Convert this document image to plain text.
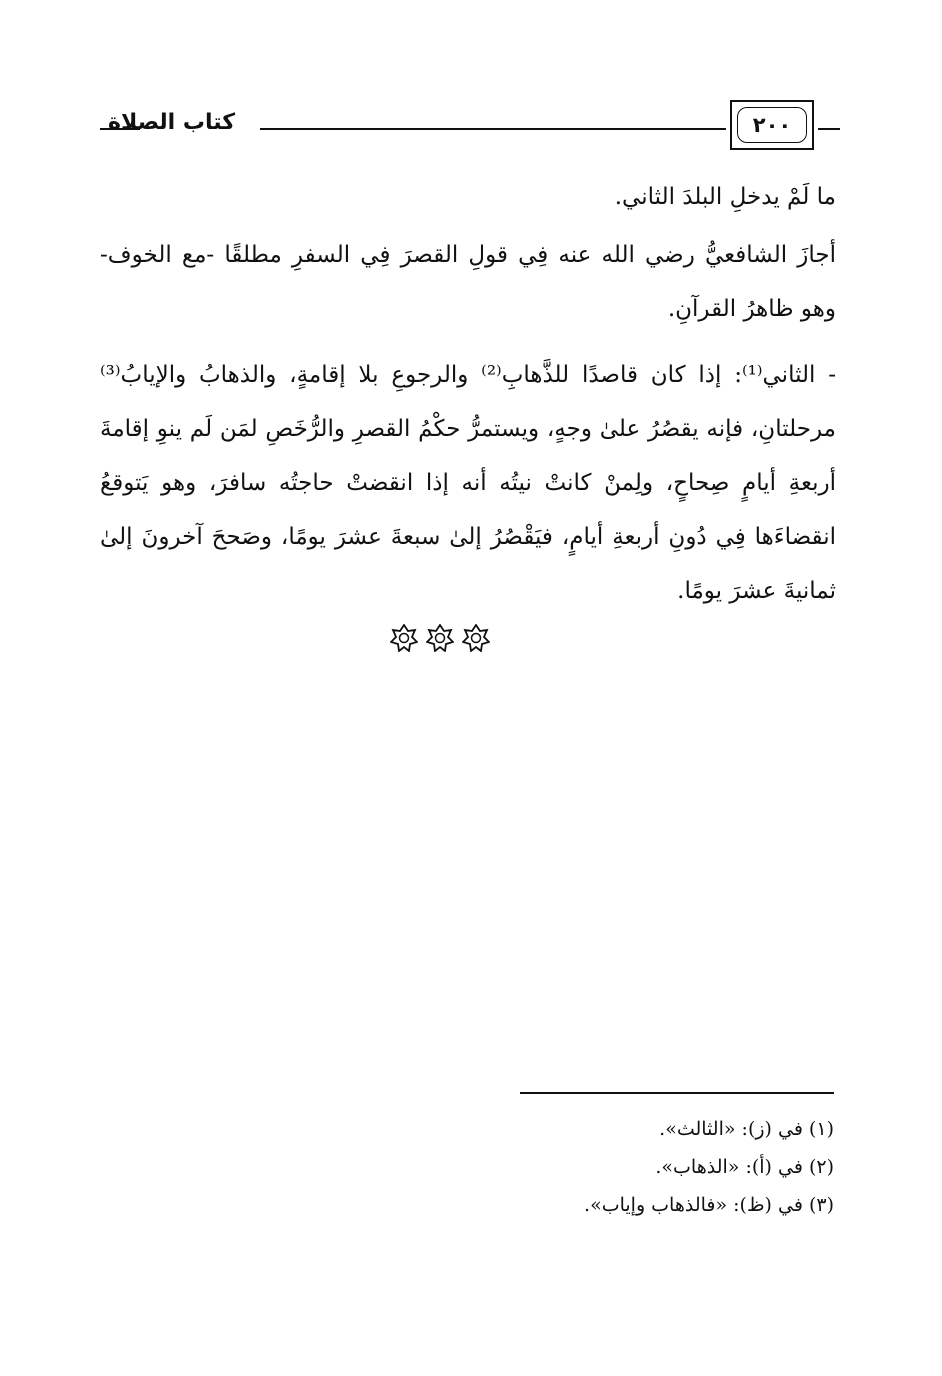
كتاب الصلاة	٢٠٠

ما لَمْ يدخلِ البلدَ الثاني.

أجازَ الشافعيُّ رضي الله عنه فِي قولِ القصرَ فِي السفرِ مطلقًا -مع الخوف- وهو ظاهرُ القرآنِ.

- الثاني⁽¹⁾: إذا كان قاصدًا للذَّهابِ⁽²⁾ والرجوعِ بلا إقامةٍ، والذهابُ والإيابُ⁽³⁾ مرحلتانِ، فإنه يقصُرُ علىٰ وجهٍ، ويستمرُّ حكْمُ القصرِ والرُّخَصِ لمَن لَم ينوِ إقامةَ أربعةِ أيامٍ صِحاحٍ، ولِمنْ كانتْ نيتُه أنه إذا انقضتْ حاجتُه سافرَ، وهو يَتوقعُ انقضاءَها فِي دُونِ أربعةِ أيامٍ، فيَقْصُرُ إلىٰ سبعةَ عشرَ يومًا، وصَححَ آخرونَ إلىٰ ثمانيةَ عشرَ يومًا.

(١) في (ز): «الثالث».
(٢) في (أ): «الذهاب».
(٣) في (ظ): «فالذهاب وإياب».
